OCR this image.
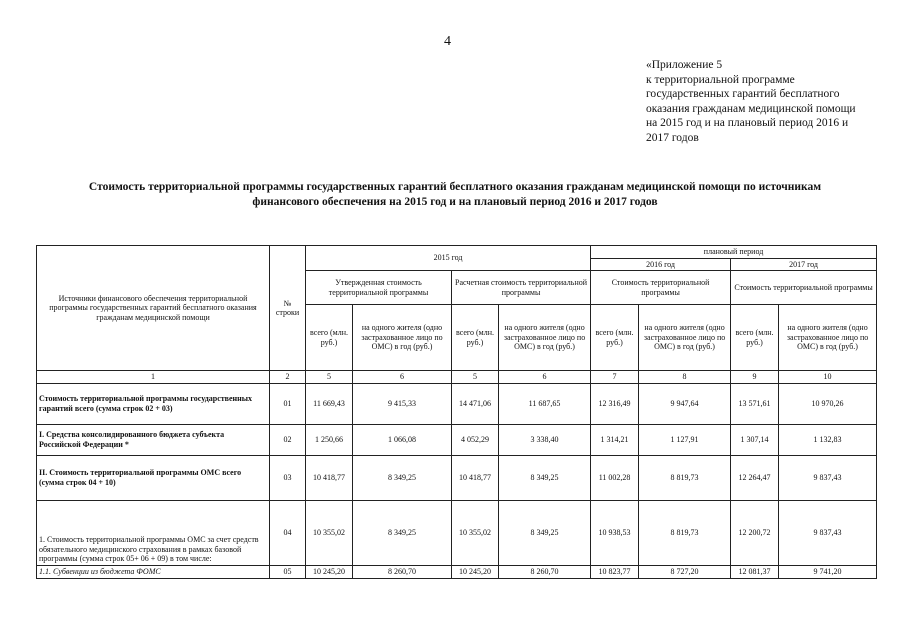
4
«Приложение 5
к территориальной программе
государственных гарантий бесплатного
оказания гражданам медицинской помощи
на 2015 год и на плановый период 2016 и
2017 годов
Стоимость территориальной программы государственных гарантий бесплатного оказания гражданам медицинской помощи по источникам
финансового обеспечения на 2015 год и на плановый период 2016 и 2017 годов
Источники финансового обеспечения территориальной программы государственных гарантий бесплатного оказания гражданам медицинской помощи	№ строки	2015 год				плановый период			
						2016 год		2017 год	
		Утвержденная стоимость территориальной программы		Расчетная стоимость территориальной программы		Стоимость территориальной программы		Стоимость территориальной программы	
		всего (млн. руб.)	на одного жителя (одно застрахованное лицо по ОМС) в год (руб.)	всего (млн. руб.)	на одного жителя (одно застрахованное лицо по ОМС) в год (руб.)	всего (млн. руб.)	на одного жителя (одно застрахованное лицо по ОМС) в год (руб.)	всего (млн. руб.)	на одного жителя (одно застрахованное лицо по ОМС) в год (руб.)
1	2	5	6	5	6	7	8	9	10
Стоимость территориальной программы государственных гарантий всего (сумма строк 02 + 03)	01	11 669,43	9 415,33	14 471,06	11 687,65	12 316,49	9 947,64	13 571,61	10 970,26
I. Средства консолидированного бюджета субъекта Российской Федерации *	02	1 250,66	1 066,08	4 052,29	3 338,40	1 314,21	1 127,91	1 307,14	1 132,83
II. Стоимость территориальной программы ОМС всего (сумма строк 04 + 10)	03	10 418,77	8 349,25	10 418,77	8 349,25	11 002,28	8 819,73	12 264,47	9 837,43
1. Стоимость территориальной программы ОМС за счет средств обязательного медицинского страхования в рамках базовой программы (сумма строк 05+ 06 + 09) в том числе:	04	10 355,02	8 349,25	10 355,02	8 349,25	10 938,53	8 819,73	12 200,72	9 837,43
1.1. Субвенции из бюджета ФОМС	05	10 245,20	8 260,70	10 245,20	8 260,70	10 823,77	8 727,20	12 081,37	9 741,20
